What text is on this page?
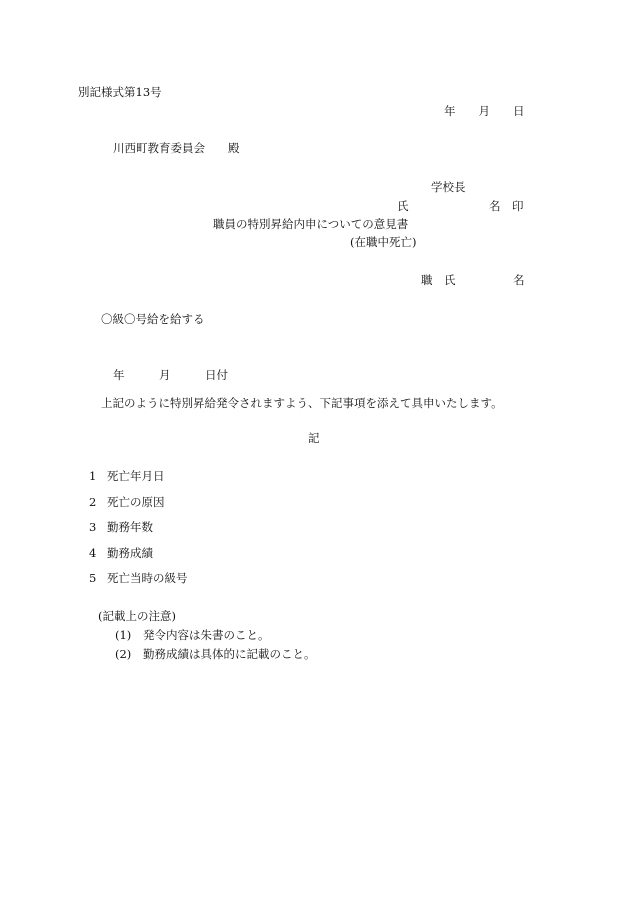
別記様式第13号
年　　月　　日
川西町教育委員会　　殿
学校長
氏　　　　　　　名　印
職員の特別昇給内申についての意見書
(在職中死亡)
職　氏　　　　　名
〇級〇号給を給する
年　　　月　　　日付
上記のように特別昇給発令されますよう、下記事項を添えて具申いたします。
記
1 死亡年月日
2 死亡の原因
3 勤務年数
4 勤務成績
5 死亡当時の級号
(記載上の注意)
(1) 発令内容は朱書のこと。
(2) 勤務成績は具体的に記載のこと。
